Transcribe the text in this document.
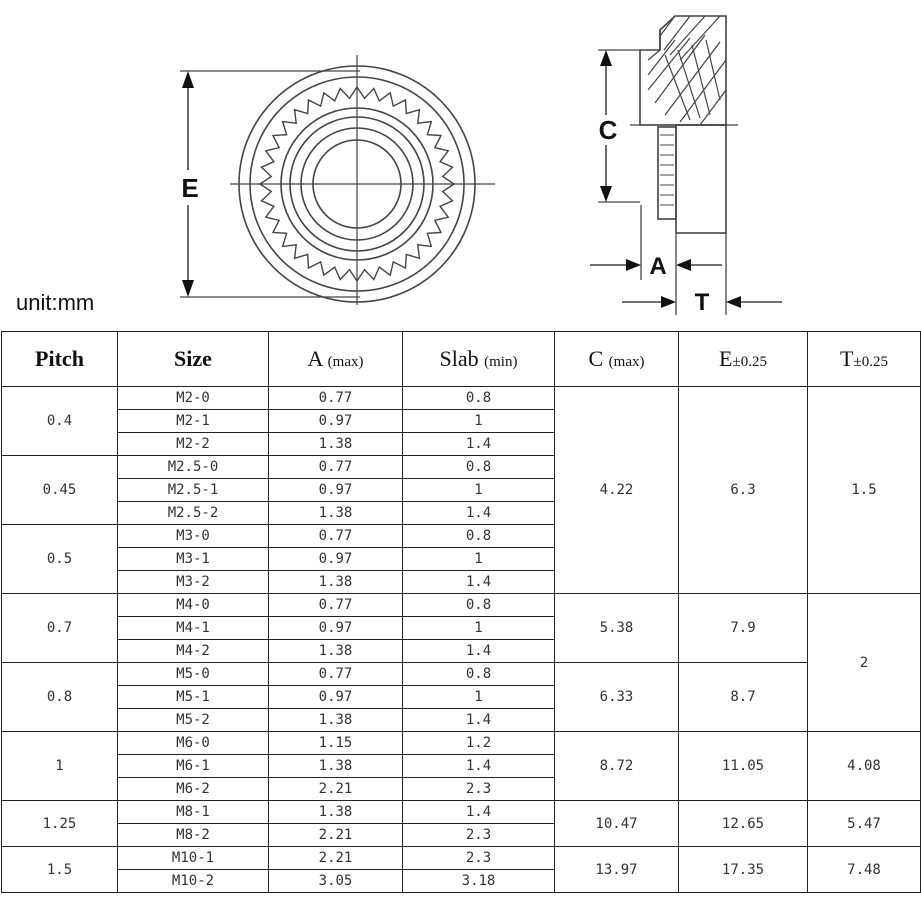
E
C
A
T
unit:mm
Pitch	Size	A (max)	Slab (min)	C (max)	E±0.25	T±0.25
0.4	M2-0	0.77	0.8	4.22	6.3	1.5
	M2-1	0.97	1			
	M2-2	1.38	1.4			
0.45	M2.5-0	0.77	0.8			
	M2.5-1	0.97	1			
	M2.5-2	1.38	1.4			
0.5	M3-0	0.77	0.8			
	M3-1	0.97	1			
	M3-2	1.38	1.4			
0.7	M4-0	0.77	0.8	5.38	7.9	2
	M4-1	0.97	1			
	M4-2	1.38	1.4			
0.8	M5-0	0.77	0.8	6.33	8.7	
	M5-1	0.97	1			
	M5-2	1.38	1.4			
1	M6-0	1.15	1.2	8.72	11.05	4.08
	M6-1	1.38	1.4			
	M6-2	2.21	2.3			
1.25	M8-1	1.38	1.4	10.47	12.65	5.47
	M8-2	2.21	2.3			
1.5	M10-1	2.21	2.3	13.97	17.35	7.48
	M10-2	3.05	3.18			
